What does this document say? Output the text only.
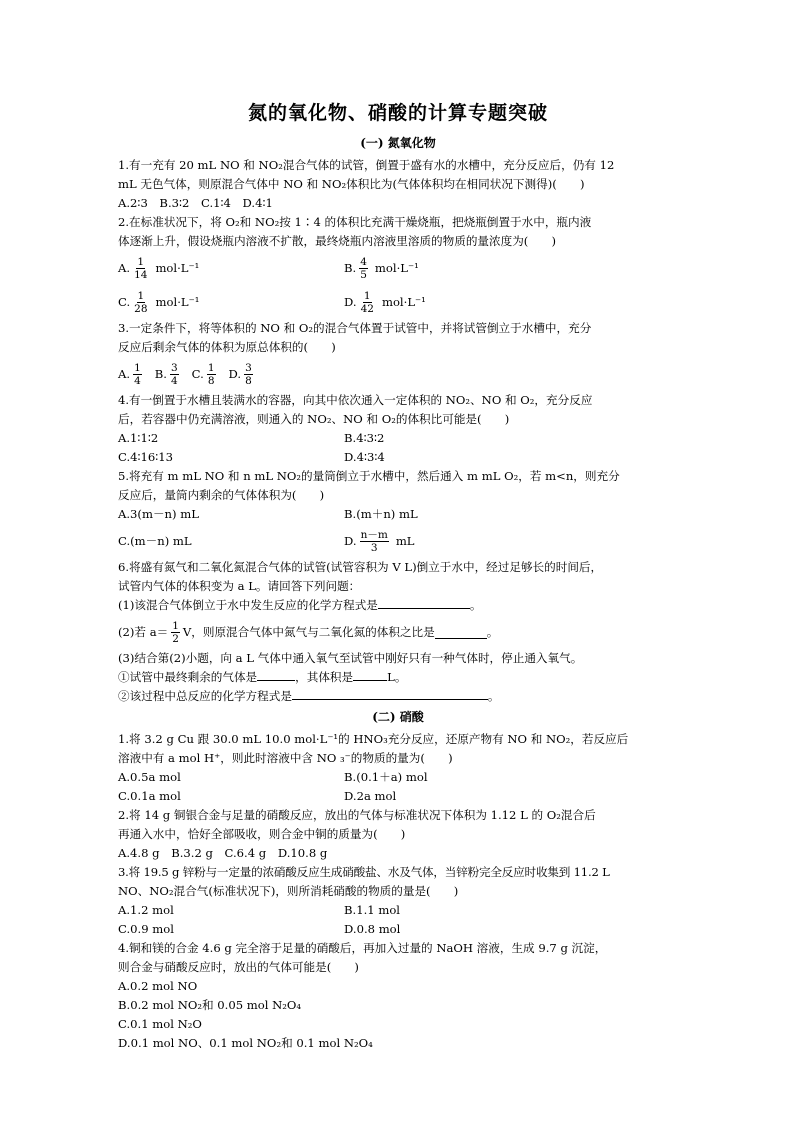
氮的氧化物、硝酸的计算专题突破
(一) 氮氧化物

1.有一充有 20 mL NO 和 NO₂混合气体的试管，倒置于盛有水的水槽中，充分反应后，仍有 12

mL 无色气体，则原混合气体中 NO 和 NO₂体积比为(气体体积均在相同状况下测得)(　　)

A.2∶3　B.3∶2　C.1∶4　D.4∶1

2.在标准状况下，将 O₂和 NO₂按 1∶4 的体积比充满干燥烧瓶，把烧瓶倒置于水中，瓶内液

体逐渐上升，假设烧瓶内溶液不扩散，最终烧瓶内溶液里溶质的物质的量浓度为(　　)

A. $\frac{1}{14} mol\cdot L^{-1}$	B. $\frac{4}{5} mol\cdot L^{-1}$
C. $\frac{1}{28} mol\cdot L^{-1}$	D. $\frac{1}{42} mol\cdot L^{-1}$

3.一定条件下，将等体积的 NO 和 O₂的混合气体置于试管中，并将试管倒立于水槽中，充分

反应后剩余气体的体积为原总体积的(　　)

A. $\frac{1}{4} B$. $\frac{3}{4} C$. $\frac{1}{8} D$. $\frac{3}{8}$

4.有一倒置于水槽且装满水的容器，向其中依次通入一定体积的 NO₂、NO 和 O₂，充分反应

后，若容器中仍充满溶液，则通入的 NO₂、NO 和 O₂的体积比可能是(　　)

A.1∶1∶2	B.4∶3∶2
C.4∶16∶13	D.4∶3∶4

5.将充有 m mL NO 和 n mL NO₂的量筒倒立于水槽中，然后通入 m mL O₂，若 m<n，则充分

反应后，量筒内剩余的气体体积为(　　)

A.3(m－n) mL	B.(m＋n) mL
C.(m－n) mL	D. $\frac{n-m}{3}$ mL

6.将盛有氮气和二氧化氮混合气体的试管(试管容积为 V L)倒立于水中，经过足够长的时间后，

试管内气体的体积变为 a L。请回答下列问题：

(1)该混合气体倒立于水中发生反应的化学方程式是	。

(2)若 $a= \frac{1}{2}$ V，则原混合气体中氮气与二氧化氮的体积之比是	。

(3)结合第(2)小题，向 a L 气体中通入氧气至试管中刚好只有一种气体时，停止通入氧气。

①试管中最终剩余的气体是	，其体积是	L。

②该过程中总反应的化学方程式是	。

(二) 硝酸

1.将 3.2 g Cu 跟 30.0 mL 10.0 mol·L⁻¹的 HNO₃充分反应，还原产物有 NO 和 NO₂，若反应后

溶液中有 a mol H⁺，则此时溶液中含 NO ₃⁻的物质的量为(　　)

A.0.5a mol	B.(0.1＋a) mol
C.0.1a mol	D.2a mol

2.将 14 g 铜银合金与足量的硝酸反应，放出的气体与标准状况下体积为 1.12 L 的 O₂混合后

再通入水中，恰好全部吸收，则合金中铜的质量为(　　)

A.4.8 g　B.3.2 g　C.6.4 g　D.10.8 g

3.将 19.5 g 锌粉与一定量的浓硝酸反应生成硝酸盐、水及气体，当锌粉完全反应时收集到 11.2 L

NO、NO₂混合气(标准状况下)，则所消耗硝酸的物质的量是(　　)

A.1.2 mol	B.1.1 mol
C.0.9 mol	D.0.8 mol

4.铜和镁的合金 4.6 g 完全溶于足量的硝酸后，再加入过量的 NaOH 溶液，生成 9.7 g 沉淀，

则合金与硝酸反应时，放出的气体可能是(　　)

A.0.2 mol NO

B.0.2 mol NO₂和 0.05 mol N₂O₄

C.0.1 mol N₂O

D.0.1 mol NO、0.1 mol NO₂和 0.1 mol N₂O₄
